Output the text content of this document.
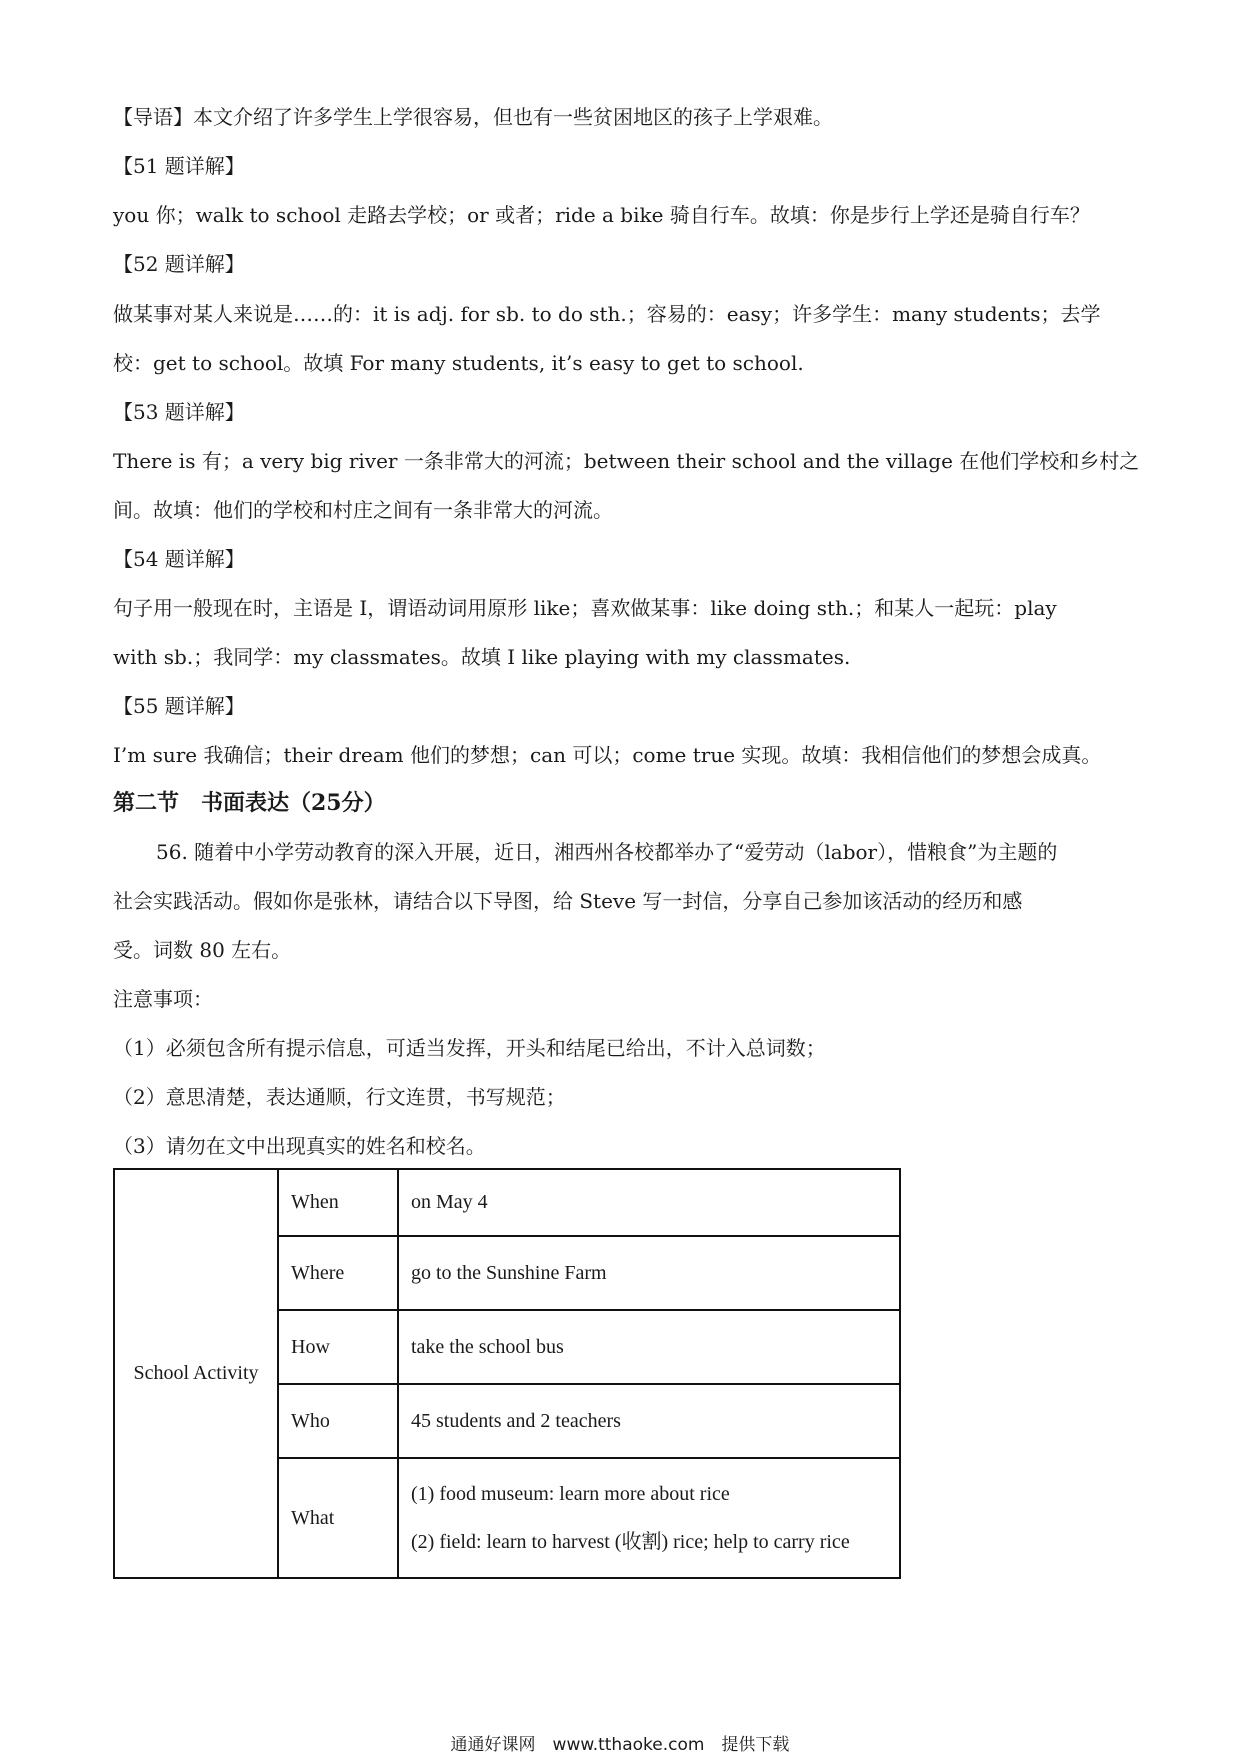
【导语】本文介绍了许多学生上学很容易，但也有一些贫困地区的孩子上学艰难。
【51 题详解】
you 你；walk to school 走路去学校；or 或者；ride a bike 骑自行车。故填：你是步行上学还是骑自行车？
【52 题详解】
做某事对某人来说是……的：it is adj. for sb. to do sth.；容易的：easy；许多学生：many students；去学
校：get to school。故填 For many students, it’s easy to get to school.
【53 题详解】
There is 有；a very big river 一条非常大的河流；between their school and the village 在他们学校和乡村之
间。故填：他们的学校和村庄之间有一条非常大的河流。
【54 题详解】
句子用一般现在时，主语是 I，谓语动词用原形 like；喜欢做某事：like doing sth.；和某人一起玩：play
with sb.；我同学：my classmates。故填 I like playing with my classmates.
【55 题详解】
I’m sure 我确信；their dream 他们的梦想；can 可以；come true 实现。故填：我相信他们的梦想会成真。
第二节　书面表达（25分）
56. 随着中小学劳动教育的深入开展，近日，湘西州各校都举办了“爱劳动（labor），惜粮食”为主题的
社会实践活动。假如你是张林，请结合以下导图，给 Steve 写一封信，分享自己参加该活动的经历和感
受。词数 80 左右。
注意事项：
（1）必须包含所有提示信息，可适当发挥，开头和结尾已给出，不计入总词数；
（2）意思清楚，表达通顺，行文连贯，书写规范；
（3）请勿在文中出现真实的姓名和校名。
School Activity	When	on May 4
	Where	go to the Sunshine Farm
	How	take the school bus
	Who	45 students and 2 teachers
	What	(1) food museum: learn more about rice
(2) field: learn to harvest (收割) rice; help to carry rice
通通好课网　www.tthaoke.com　提供下载
